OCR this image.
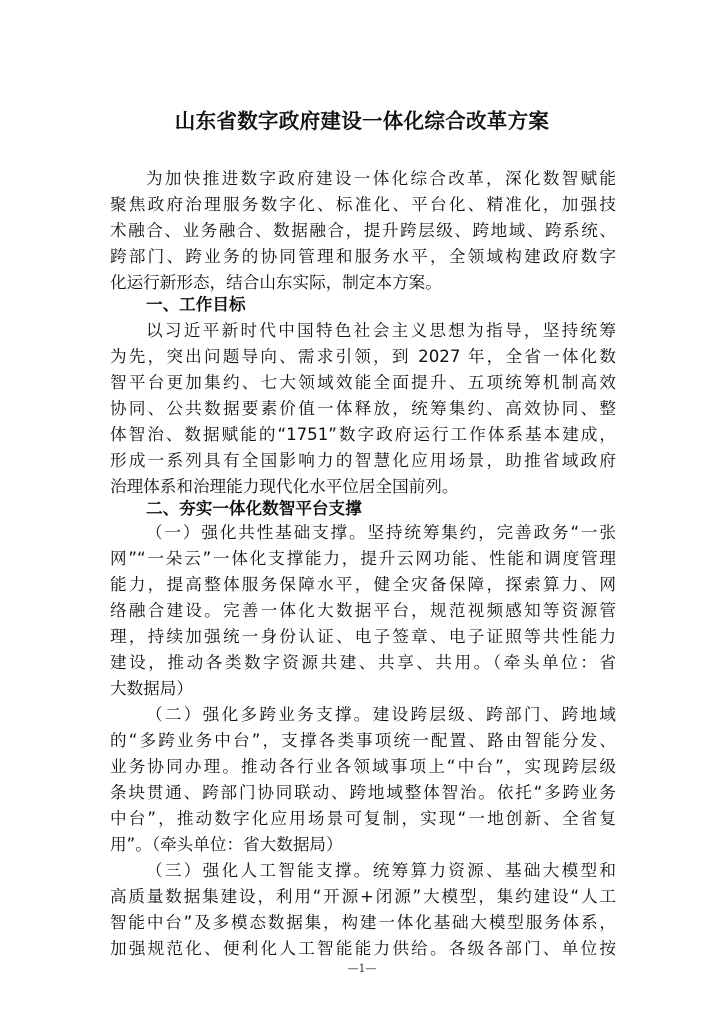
山东省数字政府建设一体化综合改革方案
为加快推进数字政府建设一体化综合改革，深化数智赋能
聚焦政府治理服务数字化、标准化、平台化、精准化，加强技
术融合、业务融合、数据融合，提升跨层级、跨地域、跨系统、
跨部门、跨业务的协同管理和服务水平，全领域构建政府数字
化运行新形态，结合山东实际，制定本方案。
一、工作目标
以习近平新时代中国特色社会主义思想为指导，坚持统筹
为先，突出问题导向、需求引领，到 2027 年，全省一体化数
智平台更加集约、七大领域效能全面提升、五项统筹机制高效
协同、公共数据要素价值一体释放，统筹集约、高效协同、整
体智治、数据赋能的“1751”数字政府运行工作体系基本建成，
形成一系列具有全国影响力的智慧化应用场景，助推省域政府
治理体系和治理能力现代化水平位居全国前列。
二、夯实一体化数智平台支撑
（一）强化共性基础支撑。坚持统筹集约，完善政务“一张
网”“一朵云”一体化支撑能力，提升云网功能、性能和调度管理
能力，提高整体服务保障水平，健全灾备保障，探索算力、网
络融合建设。完善一体化大数据平台，规范视频感知等资源管
理，持续加强统一身份认证、电子签章、电子证照等共性能力
建设，推动各类数字资源共建、共享、共用。（牵头单位：省
大数据局）
（二）强化多跨业务支撑。建设跨层级、跨部门、跨地域
的“多跨业务中台”，支撑各类事项统一配置、路由智能分发、
业务协同办理。推动各行业各领域事项上“中台”，实现跨层级
条块贯通、跨部门协同联动、跨地域整体智治。依托“多跨业务
中台”，推动数字化应用场景可复制，实现“一地创新、全省复
用”。（牵头单位：省大数据局）
（三）强化人工智能支撑。统筹算力资源、基础大模型和
高质量数据集建设，利用“开源+闭源”大模型，集约建设“人工
智能中台”及多模态数据集，构建一体化基础大模型服务体系，
加强规范化、便利化人工智能能力供给。各级各部门、单位按
—1—
